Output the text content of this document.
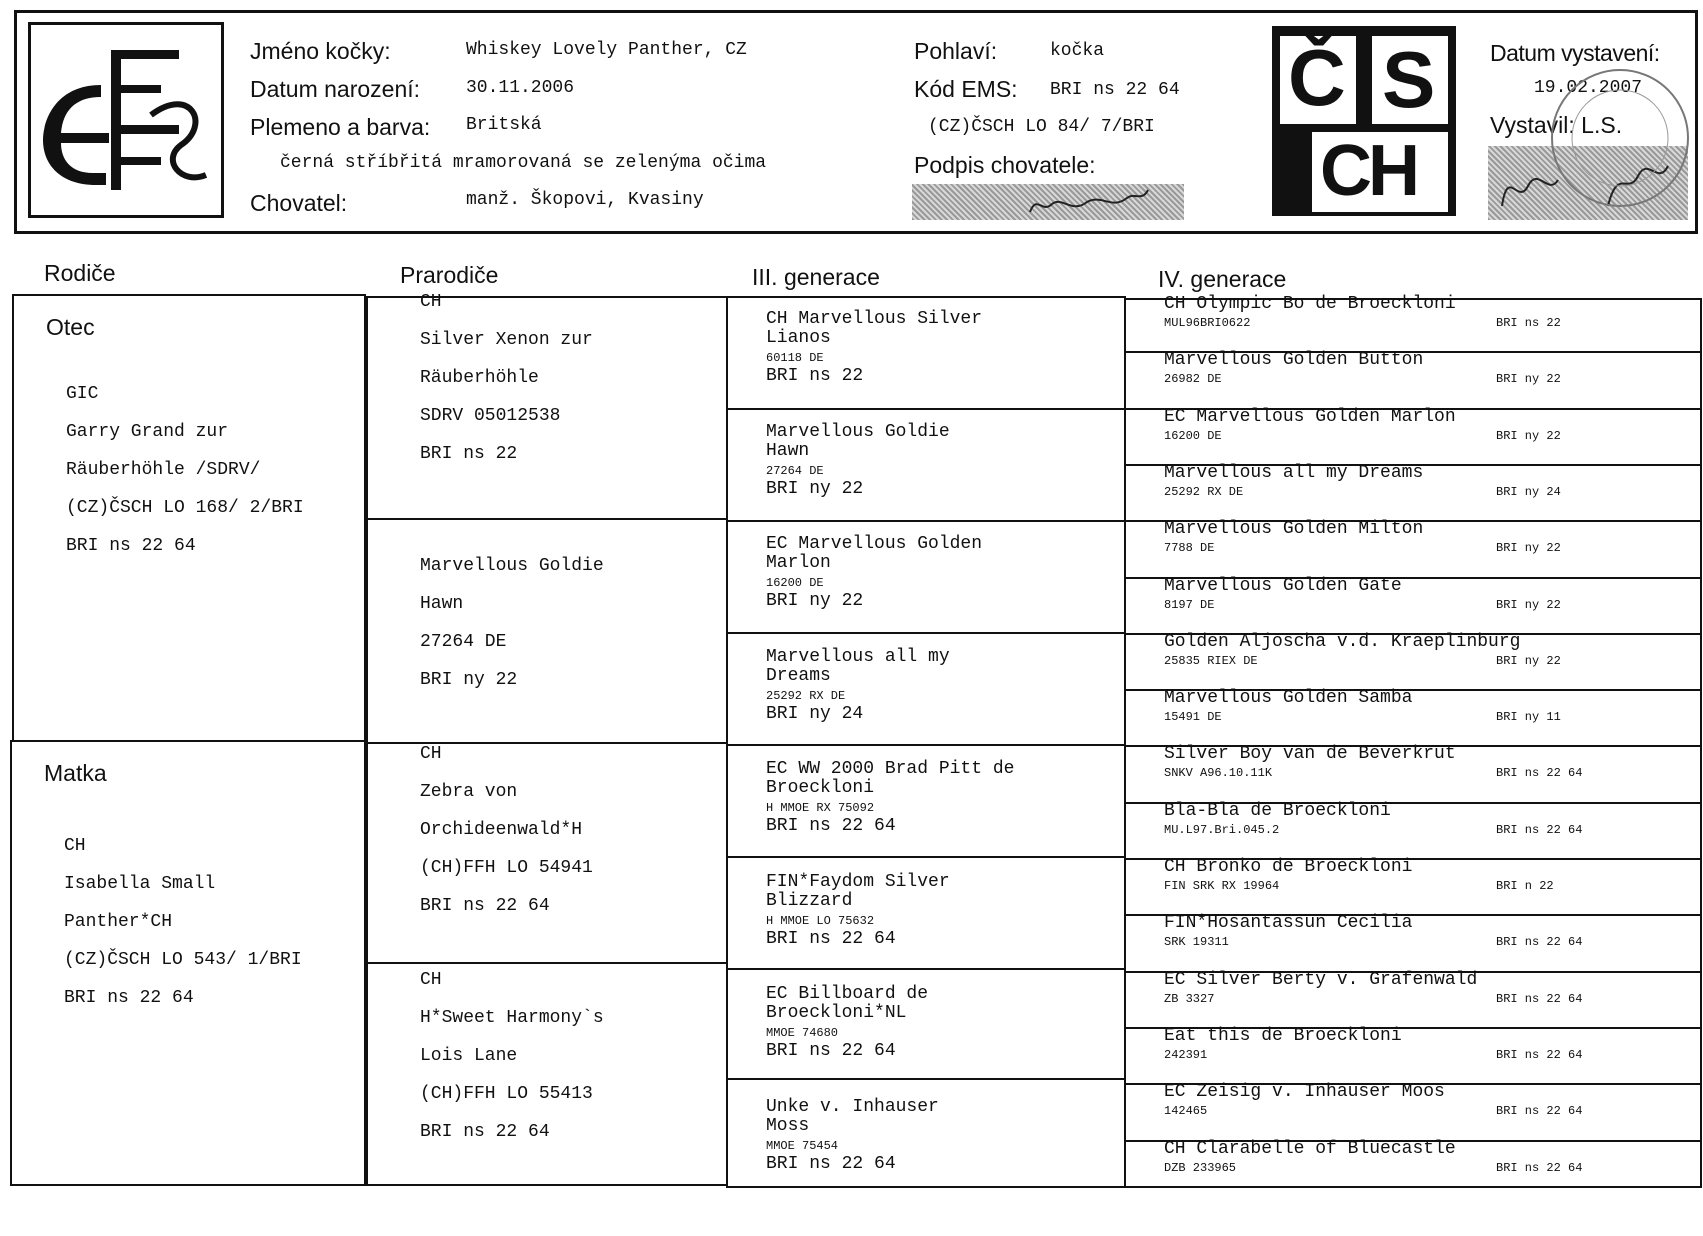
Jméno kočky:	Whiskey Lovely Panther, CZ
Datum narození:	30.11.2006
Plemeno a barva: Britská
černá stříbřitá mramorovaná se zelenýma očima
Chovatel:	manž. Škopovi, Kvasiny
Pohlaví:	kočka
Kód EMS: BRI ns 22 64
(CZ)ČSCH LO 84/ 7/BRI
Podpis chovatele:
Č S
CH
Datum vystavení:
19.02.2007
Vystavil: L.S.
Rodiče	Prarodiče	III. generace	IV. generace
Otec
GIC
Garry Grand zur
Räuberhöhle /SDRV/
(CZ)ČSCH LO 168/ 2/BRI
BRI ns 22 64
Matka
CH
Isabella Small
Panther*CH
(CZ)ČSCH LO 543/ 1/BRI
BRI ns 22 64
CH
Silver Xenon zur
Räuberhöhle
SDRV 05012538
BRI ns 22
Marvellous Goldie
Hawn
27264 DE
BRI ny 22
CH
Zebra von
Orchideenwald*H
(CH)FFH LO 54941
BRI ns 22 64
CH
H*Sweet Harmony`s
Lois Lane
(CH)FFH LO 55413
BRI ns 22 64
CH Marvellous Silver
Lianos
60118 DE
BRI ns 22
Marvellous Goldie
Hawn
27264 DE
BRI ny 22
EC Marvellous Golden
Marlon
16200 DE
BRI ny 22
Marvellous all my
Dreams
25292 RX DE
BRI ny 24
EC WW 2000 Brad Pitt de
Broeckloni
H MMOE RX 75092
BRI ns 22 64
FIN*Faydom Silver
Blizzard
H MMOE LO 75632
BRI ns 22 64
EC Billboard de
Broeckloni*NL
MMOE 74680
BRI ns 22 64
Unke v. Inhauser
Moss
MMOE 75454
BRI ns 22 64
CH Olympic Bo de Broeckloni
MUL96BRI0622	BRI ns 22
Marvellous Golden Button
26982 DE	BRI ny 22
EC Marvellous Golden Marlon
16200 DE	BRI ny 22
Marvellous all my Dreams
25292 RX DE	BRI ny 24
Marvellous Golden Milton
7788 DE	BRI ny 22
Marvellous Golden Gate
8197 DE	BRI ny 22
Golden Aljoscha v.d. Kraeplinburg
25835 RIEX DE	BRI ny 22
Marvellous Golden Samba
15491 DE	BRI ny 11
Silver Boy van de Beverkrut
SNKV A96.10.11K	BRI ns 22 64
Bla-Bla de Broeckloni
MU.L97.Bri.045.2	BRI ns 22 64
CH Bronko de Broeckloni
FIN SRK RX 19964	BRI n 22
FIN*Hosantassun Cecilia
SRK 19311	BRI ns 22 64
EC Silver Berty v. Grafenwald
ZB 3327	BRI ns 22 64
Eat this de Broeckloni
242391	BRI ns 22 64
EC Zeisig v. Inhauser Moos
142465	BRI ns 22 64
CH Clarabelle of Bluecastle
DZB 233965	BRI ns 22 64
